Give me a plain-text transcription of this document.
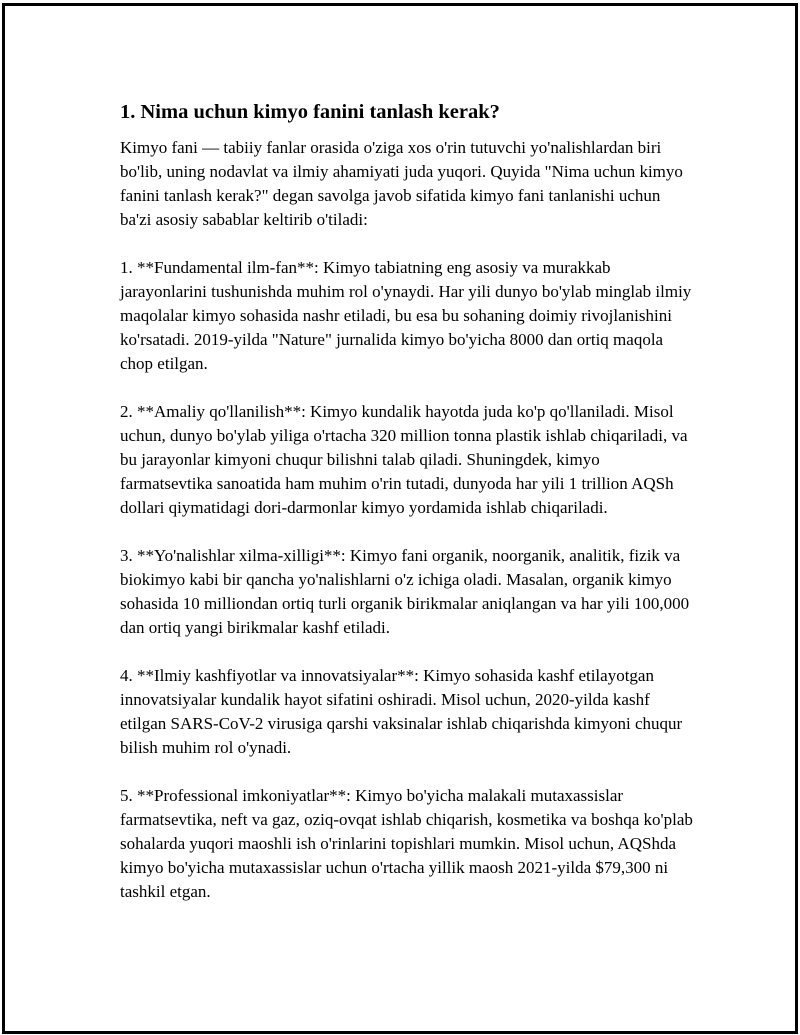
1. Nima uchun kimyo fanini tanlash kerak?

Kimyo fani — tabiiy fanlar orasida o'ziga xos o'rin tutuvchi yo'nalishlardan biri bo'lib, uning nodavlat va ilmiy ahamiyati juda yuqori. Quyida "Nima uchun kimyo fanini tanlash kerak?" degan savolga javob sifatida kimyo fani tanlanishi uchun ba'zi asosiy sabablar keltirib o'tiladi:

1. **Fundamental ilm-fan**: Kimyo tabiatning eng asosiy va murakkab jarayonlarini tushunishda muhim rol o'ynaydi. Har yili dunyo bo'ylab minglab ilmiy maqolalar kimyo sohasida nashr etiladi, bu esa bu sohaning doimiy rivojlanishini ko'rsatadi. 2019-yilda "Nature" jurnalida kimyo bo'yicha 8000 dan ortiq maqola chop etilgan.

2. **Amaliy qo'llanilish**: Kimyo kundalik hayotda juda ko'p qo'llaniladi. Misol uchun, dunyo bo'ylab yiliga o'rtacha 320 million tonna plastik ishlab chiqariladi, va bu jarayonlar kimyoni chuqur bilishni talab qiladi. Shuningdek, kimyo farmatsevtika sanoatida ham muhim o'rin tutadi, dunyoda har yili 1 trillion AQSh dollari qiymatidagi dori-darmonlar kimyo yordamida ishlab chiqariladi.

3. **Yo'nalishlar xilma-xilligi**: Kimyo fani organik, noorganik, analitik, fizik va biokimyo kabi bir qancha yo'nalishlarni o'z ichiga oladi. Masalan, organik kimyo sohasida 10 milliondan ortiq turli organik birikmalar aniqlangan va har yili 100,000 dan ortiq yangi birikmalar kashf etiladi.

4. **Ilmiy kashfiyotlar va innovatsiyalar**: Kimyo sohasida kashf etilayotgan innovatsiyalar kundalik hayot sifatini oshiradi. Misol uchun, 2020-yilda kashf etilgan SARS-CoV-2 virusiga qarshi vaksinalar ishlab chiqarishda kimyoni chuqur bilish muhim rol o'ynadi.

5. **Professional imkoniyatlar**: Kimyo bo'yicha malakali mutaxassislar farmatsevtika, neft va gaz, oziq-ovqat ishlab chiqarish, kosmetika va boshqa ko'plab sohalarda yuqori maoshli ish o'rinlarini topishlari mumkin. Misol uchun, AQShda kimyo bo'yicha mutaxassislar uchun o'rtacha yillik maosh 2021-yilda $79,300 ni tashkil etgan.
